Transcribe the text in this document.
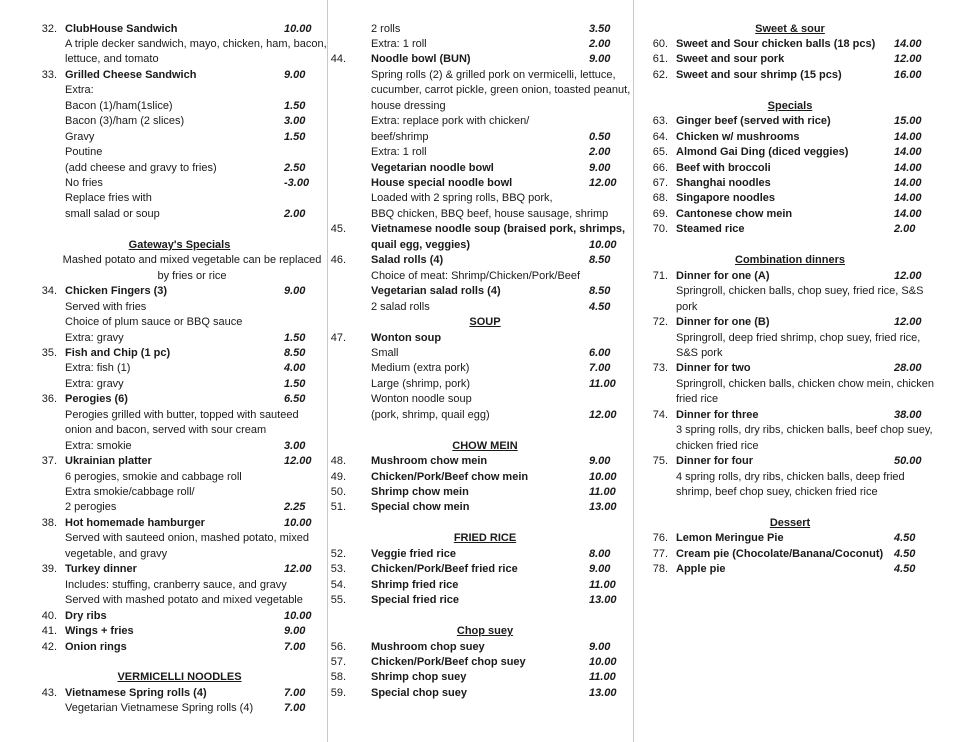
32. ClubHouse Sandwich	10.00
A triple decker sandwich, mayo, chicken, ham, bacon,
lettuce, and tomato
33. Grilled Cheese Sandwich	9.00
Extra:
Bacon (1)/ham(1slice)	1.50
Bacon (3)/ham (2 slices)	3.00
Gravy	1.50
Poutine
(add cheese and gravy to fries)	2.50
No fries	-3.00
Replace fries with
small salad or soup	2.00
Gateway's Specials
Mashed potato and mixed vegetable can be replaced
by fries or rice
34. Chicken Fingers (3)	9.00
Served with fries
Choice of plum sauce or BBQ sauce
Extra: gravy	1.50
35. Fish and Chip (1 pc)	8.50
Extra: fish (1)	4.00
Extra: gravy	1.50
36. Perogies (6)	6.50
Perogies grilled with butter, topped with sauteed
onion and bacon, served with sour cream
Extra: smokie	3.00
37. Ukrainian platter	12.00
6 perogies, smokie and cabbage roll
Extra smokie/cabbage roll/
2 perogies	2.25
38. Hot homemade hamburger	10.00
Served with sauteed onion, mashed potato, mixed
vegetable, and gravy
39. Turkey dinner	12.00
Includes: stuffing, cranberry sauce, and gravy
Served with mashed potato and mixed vegetable
40. Dry ribs	10.00
41. Wings + fries	9.00
42. Onion rings	7.00
VERMICELLI NOODLES
43. Vietnamese Spring rolls (4)	7.00
Vegetarian Vietnamese Spring rolls (4)	7.00
2 rolls	3.50
Extra: 1 roll	2.00
44. Noodle bowl (BUN)	9.00
Spring rolls (2) & grilled pork on vermicelli, lettuce,
cucumber, carrot pickle, green onion, toasted peanut,
house dressing
Extra: replace pork with chicken/
beef/shrimp	0.50
Extra: 1 roll	2.00
Vegetarian noodle bowl	9.00
House special noodle bowl	12.00
Loaded with 2 spring rolls, BBQ pork,
BBQ chicken, BBQ beef, house sausage, shrimp
45. Vietnamese noodle soup (braised pork, shrimps,
quail egg, veggies)	10.00
46. Salad rolls (4)	8.50
Choice of meat: Shrimp/Chicken/Pork/Beef
Vegetarian salad rolls (4)	8.50
2 salad rolls	4.50
SOUP
47. Wonton soup
Small	6.00
Medium (extra pork)	7.00
Large (shrimp, pork)	11.00
Wonton noodle soup
(pork, shrimp, quail egg)	12.00
CHOW MEIN
48. Mushroom chow mein	9.00
49. Chicken/Pork/Beef chow mein	10.00
50. Shrimp chow mein	11.00
51. Special chow mein	13.00
FRIED RICE
52. Veggie fried rice	8.00
53. Chicken/Pork/Beef fried rice	9.00
54. Shrimp fried rice	11.00
55. Special fried rice	13.00
Chop suey
56. Mushroom chop suey	9.00
57. Chicken/Pork/Beef chop suey	10.00
58. Shrimp chop suey	11.00
59. Special chop suey	13.00
Sweet & sour
60. Sweet and Sour chicken balls (18 pcs) 14.00
61. Sweet and sour pork	12.00
62. Sweet and sour shrimp (15 pcs)	16.00
Specials
63. Ginger beef (served with rice)	15.00
64. Chicken w/ mushrooms	14.00
65. Almond Gai Ding (diced veggies)	14.00
66. Beef with broccoli	14.00
67. Shanghai noodles	14.00
68. Singapore noodles	14.00
69. Cantonese chow mein	14.00
70. Steamed rice	2.00
Combination dinners
71. Dinner for one (A)	12.00
Springroll, chicken balls, chop suey, fried rice, S&S
pork
72. Dinner for one (B)	12.00
Springroll, deep fried shrimp, chop suey, fried rice,
S&S pork
73. Dinner for two	28.00
Springroll, chicken balls, chicken chow mein, chicken
fried rice
74. Dinner for three	38.00
3 spring rolls, dry ribs, chicken balls, beef chop suey,
chicken fried rice
75. Dinner for four	50.00
4 spring rolls, dry ribs, chicken balls, deep fried
shrimp, beef chop suey, chicken fried rice
Dessert
76. Lemon Meringue Pie	4.50
77. Cream pie (Chocolate/Banana/Coconut) 4.50
78. Apple pie	4.50
